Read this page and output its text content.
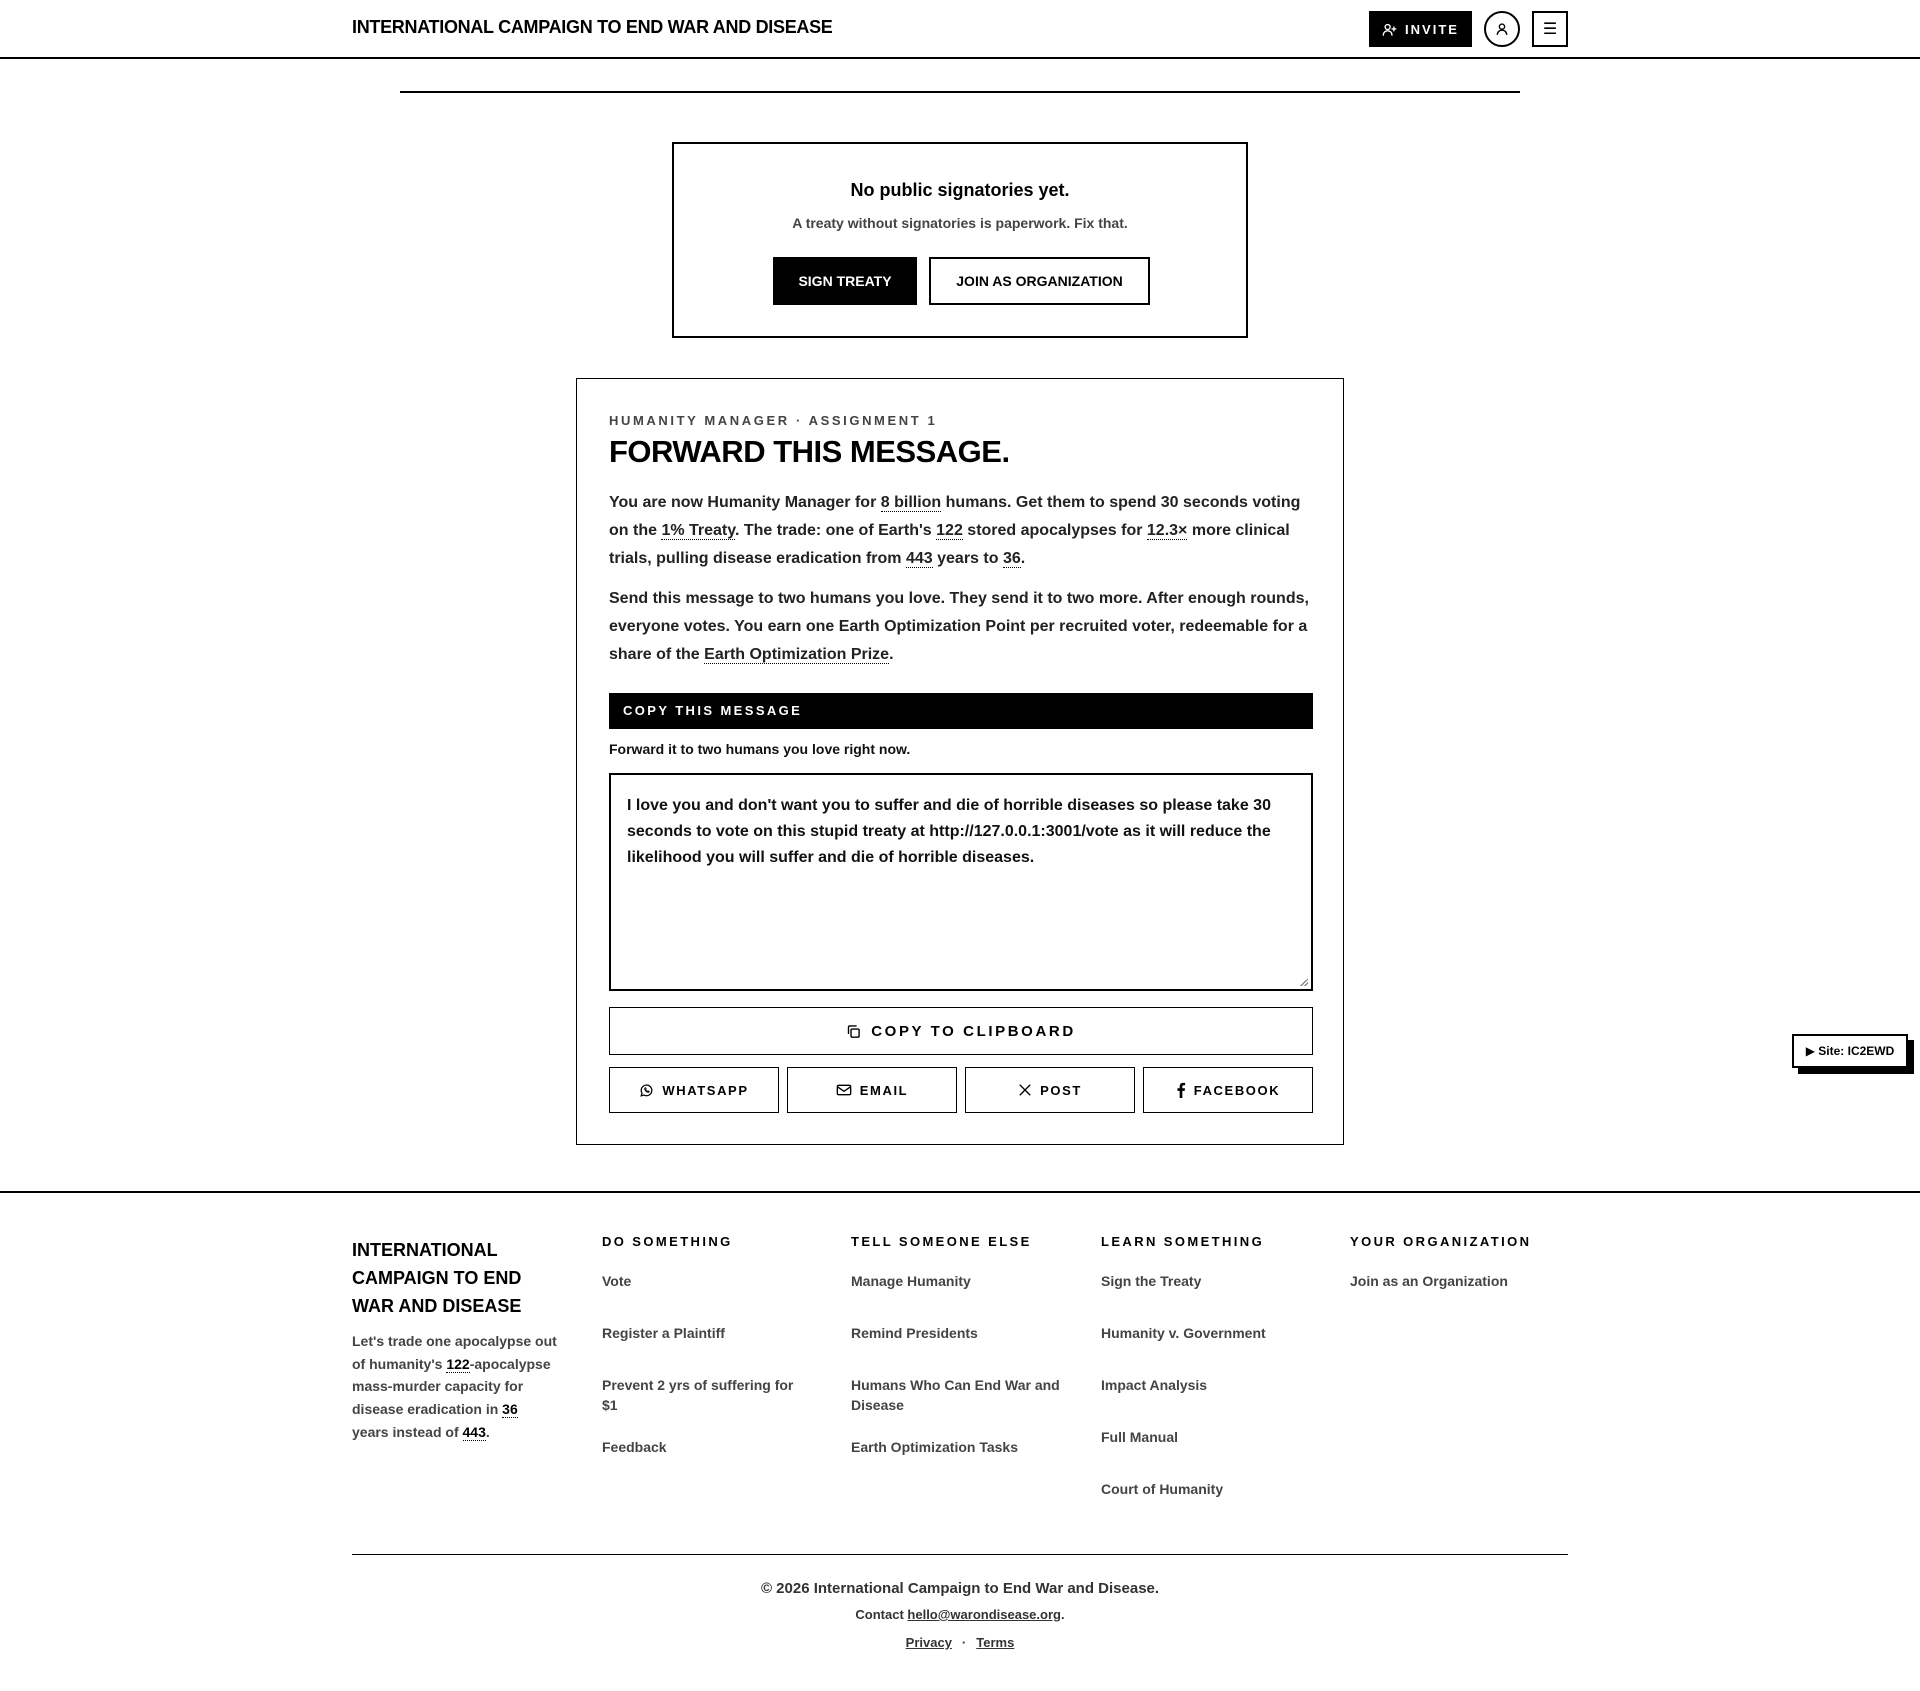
INTERNATIONAL CAMPAIGN TO END WAR AND DISEASE	INVITE	☰
No public signatories yet.
A treaty without signatories is paperwork. Fix that.
SIGN TREATY	JOIN AS ORGANIZATION
HUMANITY MANAGER · ASSIGNMENT 1
FORWARD THIS MESSAGE.

You are now Humanity Manager for 8 billion humans. Get them to spend 30 seconds voting on the 1% Treaty. The trade: one of Earth's 122 stored apocalypses for 12.3× more clinical trials, pulling disease eradication from 443 years to 36.

Send this message to two humans you love. They send it to two more. After enough rounds, everyone votes. You earn one Earth Optimization Point per recruited voter, redeemable for a share of the Earth Optimization Prize.

COPY THIS MESSAGE
Forward it to two humans you love right now.
I love you and don't want you to suffer and die of horrible diseases so please take 30 seconds to vote on this stupid treaty at http://127.0.0.1:3001/vote as it will reduce the likelihood you will suffer and die of horrible diseases.
COPY TO CLIPBOARD
WHATSAPP	EMAIL	POST	FACEBOOK
▶ Site: IC2EWD
INTERNATIONAL CAMPAIGN TO END WAR AND DISEASE

Let's trade one apocalypse out of humanity's 122-apocalypse mass-murder capacity for disease eradication in 36 years instead of 443.

DO SOMETHING
Vote
Register a Plaintiff
Prevent 2 yrs of suffering for $1
Feedback
TELL SOMEONE ELSE
Manage Humanity
Remind Presidents
Humans Who Can End War and Disease
Earth Optimization Tasks
LEARN SOMETHING
Sign the Treaty
Humanity v. Government
Impact Analysis
Full Manual
Court of Humanity
YOUR ORGANIZATION
Join as an Organization
© 2026 International Campaign to End War and Disease.
Contact hello@warondisease.org.
Privacy · Terms
